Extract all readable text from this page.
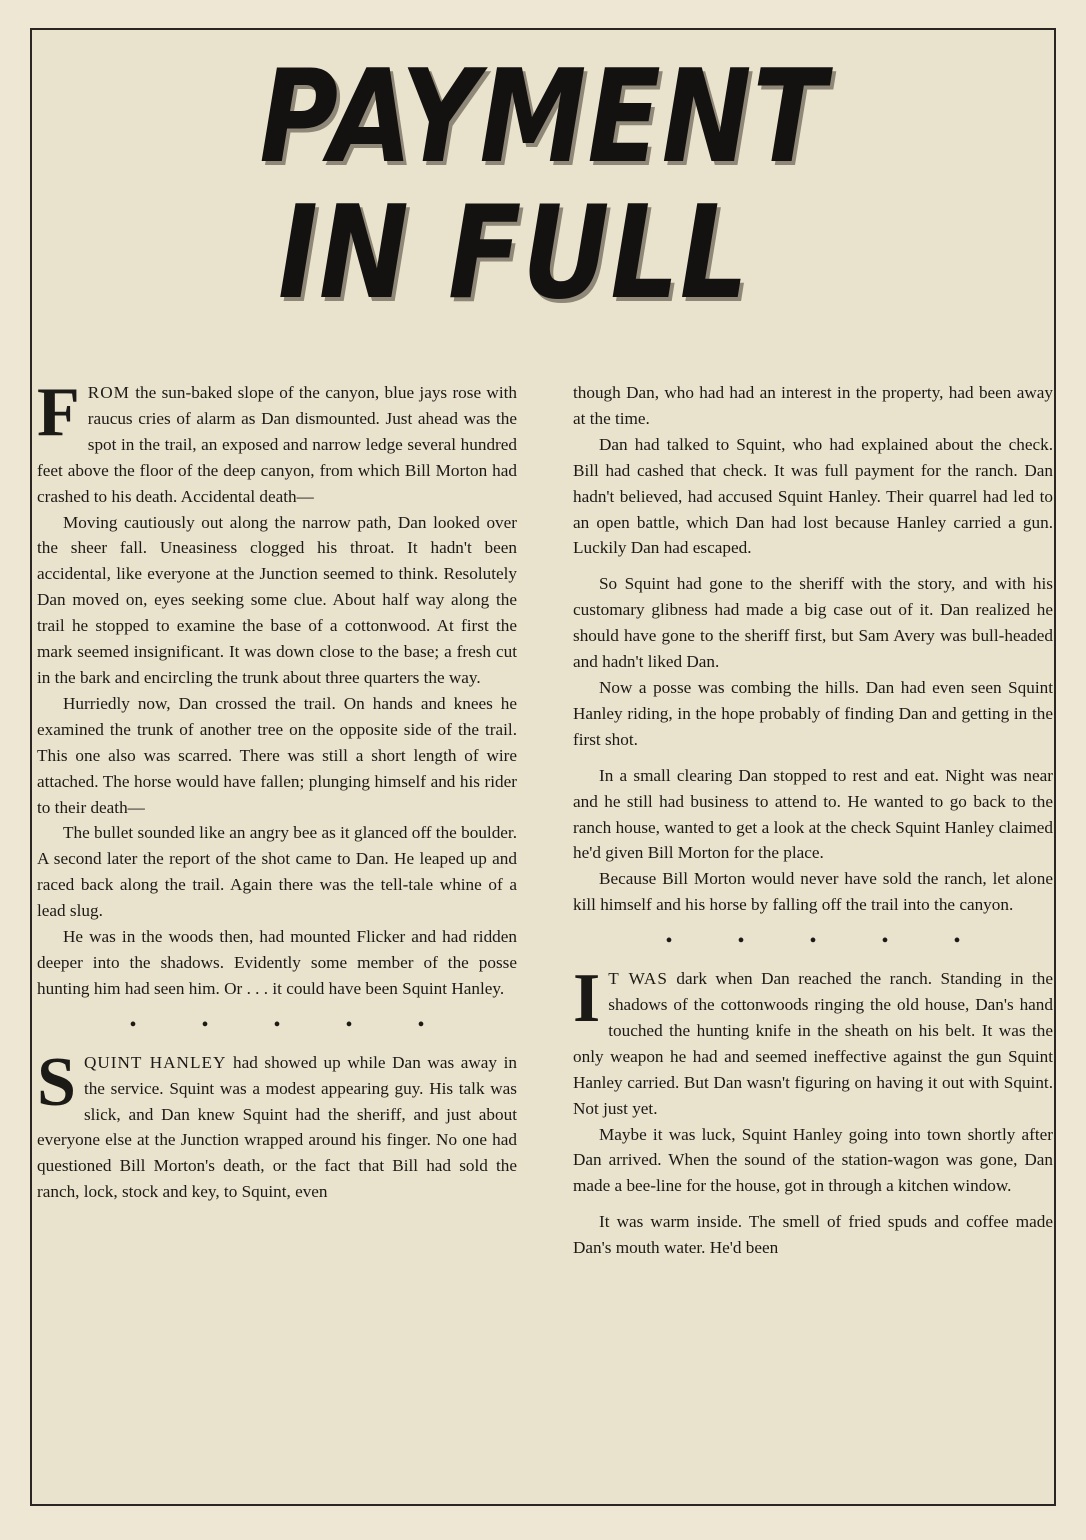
PAYMENT
IN FULL

FROM the sun-baked slope of the canyon, blue jays rose with raucus cries of alarm as Dan dismounted. Just ahead was the spot in the trail, an exposed and narrow ledge several hundred feet above the floor of the deep canyon, from which Bill Morton had crashed to his death. Accidental death—

Moving cautiously out along the narrow path, Dan looked over the sheer fall. Uneasiness clogged his throat. It hadn't been accidental, like everyone at the Junction seemed to think. Resolutely Dan moved on, eyes seeking some clue. About half way along the trail he stopped to examine the base of a cottonwood. At first the mark seemed insignificant. It was down close to the base; a fresh cut in the bark and encircling the trunk about three quarters the way.

Hurriedly now, Dan crossed the trail. On hands and knees he examined the trunk of another tree on the opposite side of the trail. This one also was scarred. There was still a short length of wire attached. The horse would have fallen; plunging himself and his rider to their death—

The bullet sounded like an angry bee as it glanced off the boulder. A second later the report of the shot came to Dan. He leaped up and raced back along the trail. Again there was the tell-tale whine of a lead slug.

He was in the woods then, had mounted Flicker and had ridden deeper into the shadows. Evidently some member of the posse hunting him had seen him. Or . . . it could have been Squint Hanley.

• • • • •

SQUINT HANLEY had showed up while Dan was away in the service. Squint was a modest appearing guy. His talk was slick, and Dan knew Squint had the sheriff, and just about everyone else at the Junction wrapped around his finger. No one had questioned Bill Morton's death, or the fact that Bill had sold the ranch, lock, stock and key, to Squint, even

though Dan, who had had an interest in the property, had been away at the time.

Dan had talked to Squint, who had explained about the check. Bill had cashed that check. It was full payment for the ranch. Dan hadn't believed, had accused Squint Hanley. Their quarrel had led to an open battle, which Dan had lost because Hanley carried a gun. Luckily Dan had escaped.

So Squint had gone to the sheriff with the story, and with his customary glibness had made a big case out of it. Dan realized he should have gone to the sheriff first, but Sam Avery was bull-headed and hadn't liked Dan.

Now a posse was combing the hills. Dan had even seen Squint Hanley riding, in the hope probably of finding Dan and getting in the first shot.

In a small clearing Dan stopped to rest and eat. Night was near and he still had business to attend to. He wanted to go back to the ranch house, wanted to get a look at the check Squint Hanley claimed he'd given Bill Morton for the place.

Because Bill Morton would never have sold the ranch, let alone kill himself and his horse by falling off the trail into the canyon.

• • • • •

I T WAS dark when Dan reached the ranch. Standing in the shadows of the cottonwoods ringing the old house, Dan's hand touched the hunting knife in the sheath on his belt. It was the only weapon he had and seemed ineffective against the gun Squint Hanley carried. But Dan wasn't figuring on having it out with Squint. Not just yet.

Maybe it was luck, Squint Hanley going into town shortly after Dan arrived. When the sound of the station-wagon was gone, Dan made a bee-line for the house, got in through a kitchen window.

It was warm inside. The smell of fried spuds and coffee made Dan's mouth water. He'd been
